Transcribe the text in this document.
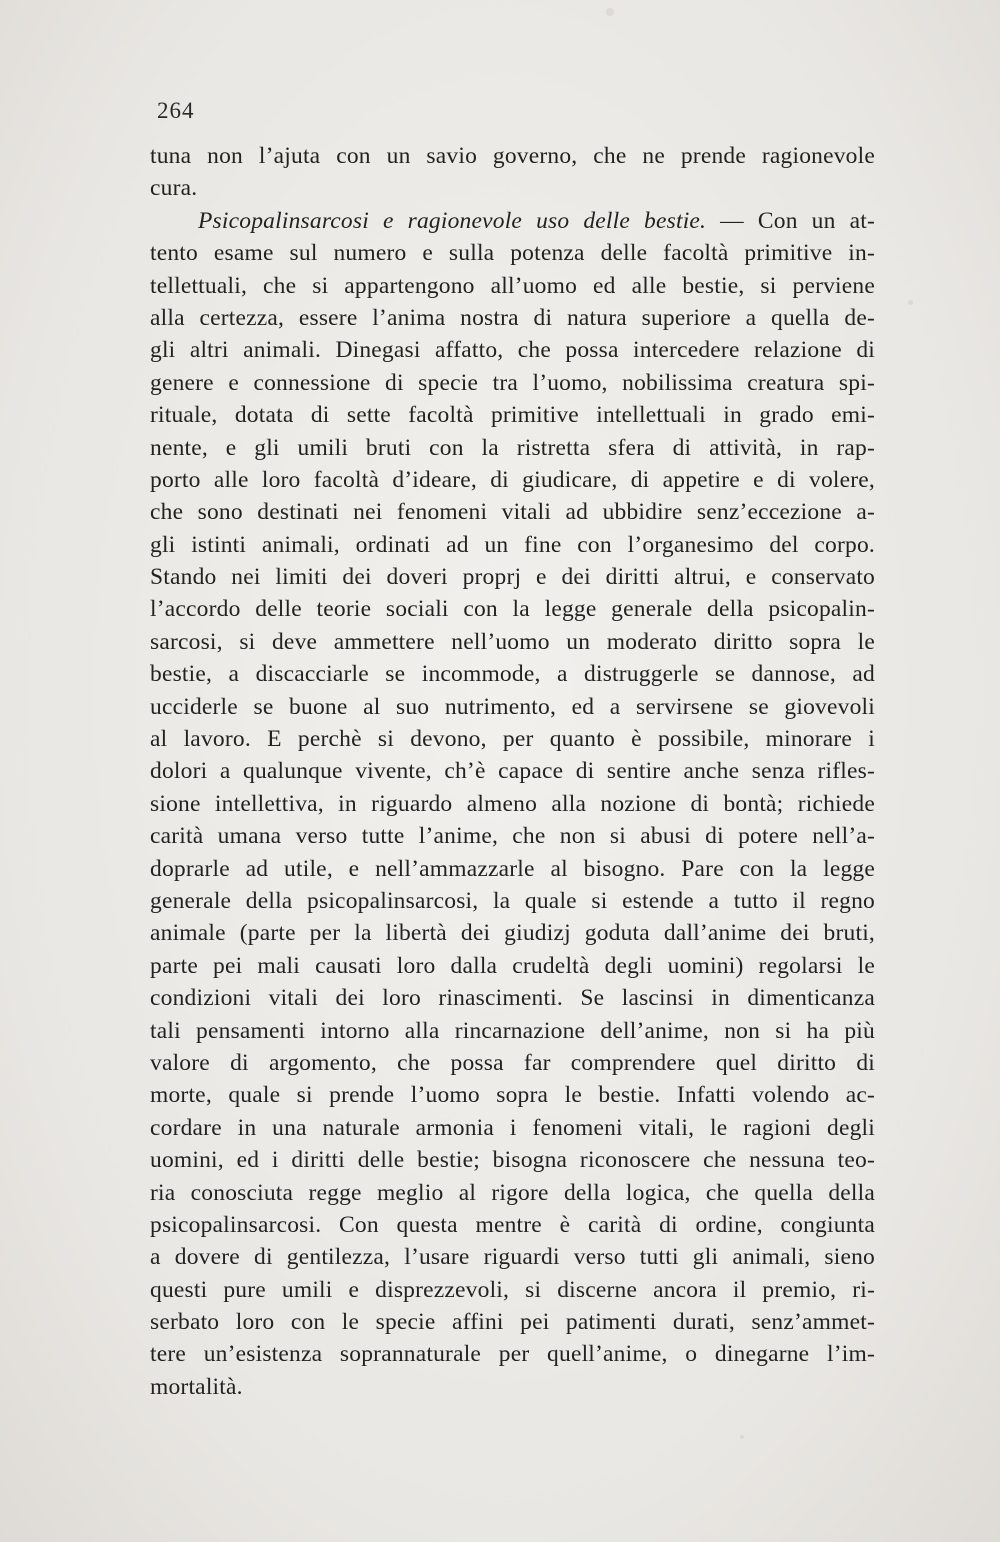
264
tuna non l’ajuta con un savio governo, che ne prende ragionevole
cura.
Psicopalinsarcosi e ragionevole uso delle bestie. — Con un at-
tento esame sul numero e sulla potenza delle facoltà primitive in-
tellettuali, che si appartengono all’uomo ed alle bestie, si perviene
alla certezza, essere l’anima nostra di natura superiore a quella de-
gli altri animali. Dinegasi affatto, che possa intercedere relazione di
genere e connessione di specie tra l’uomo, nobilissima creatura spi-
rituale, dotata di sette facoltà primitive intellettuali in grado emi-
nente, e gli umili bruti con la ristretta sfera di attività, in rap-
porto alle loro facoltà d’ideare, di giudicare, di appetire e di volere,
che sono destinati nei fenomeni vitali ad ubbidire senz’eccezione a-
gli istinti animali, ordinati ad un fine con l’organesimo del corpo.
Stando nei limiti dei doveri proprj e dei diritti altrui, e conservato
l’accordo delle teorie sociali con la legge generale della psicopalin-
sarcosi, si deve ammettere nell’uomo un moderato diritto sopra le
bestie, a discacciarle se incommode, a distruggerle se dannose, ad
ucciderle se buone al suo nutrimento, ed a servirsene se giovevoli
al lavoro. E perchè si devono, per quanto è possibile, minorare i
dolori a qualunque vivente, ch’è capace di sentire anche senza rifles-
sione intellettiva, in riguardo almeno alla nozione di bontà; richiede
carità umana verso tutte l’anime, che non si abusi di potere nell’a-
doprarle ad utile, e nell’ammazzarle al bisogno. Pare con la legge
generale della psicopalinsarcosi, la quale si estende a tutto il regno
animale (parte per la libertà dei giudizj goduta dall’anime dei bruti,
parte pei mali causati loro dalla crudeltà degli uomini) regolarsi le
condizioni vitali dei loro rinascimenti. Se lascinsi in dimenticanza
tali pensamenti intorno alla rincarnazione dell’anime, non si ha più
valore di argomento, che possa far comprendere quel diritto di
morte, quale si prende l’uomo sopra le bestie. Infatti volendo ac-
cordare in una naturale armonia i fenomeni vitali, le ragioni degli
uomini, ed i diritti delle bestie; bisogna riconoscere che nessuna teo-
ria conosciuta regge meglio al rigore della logica, che quella della
psicopalinsarcosi. Con questa mentre è carità di ordine, congiunta
a dovere di gentilezza, l’usare riguardi verso tutti gli animali, sieno
questi pure umili e disprezzevoli, si discerne ancora il premio, ri-
serbato loro con le specie affini pei patimenti durati, senz’ammet-
tere un’esistenza soprannaturale per quell’anime, o dinegarne l’im-
mortalità.
